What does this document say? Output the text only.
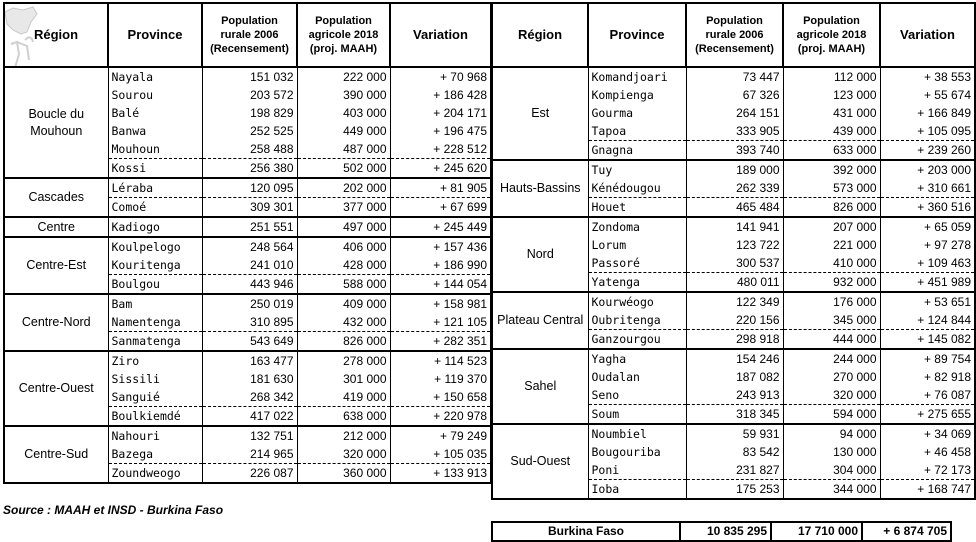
Région	Province	Population
rurale 2006
(Recensement)	Population
agricole 2018
(proj. MAAH)	Variation
Boucle du Mouhoun	Nayala	151 032	222 000	+ 70 968
	Sourou	203 572	390 000	+ 186 428
	Balé	198 829	403 000	+ 204 171
	Banwa	252 525	449 000	+ 196 475
	Mouhoun	258 488	487 000	+ 228 512
	Kossi	256 380	502 000	+ 245 620
Cascades	Léraba	120 095	202 000	+ 81 905
	Comoé	309 301	377 000	+ 67 699
Centre	Kadiogo	251 551	497 000	+ 245 449
Centre-Est	Koulpelogo	248 564	406 000	+ 157 436
	Kouritenga	241 010	428 000	+ 186 990
	Boulgou	443 946	588 000	+ 144 054
Centre-Nord	Bam	250 019	409 000	+ 158 981
	Namentenga	310 895	432 000	+ 121 105
	Sanmatenga	543 649	826 000	+ 282 351
Centre-Ouest	Ziro	163 477	278 000	+ 114 523
	Sissili	181 630	301 000	+ 119 370
	Sanguié	268 342	419 000	+ 150 658
	Boulkiemdé	417 022	638 000	+ 220 978
Centre-Sud	Nahouri	132 751	212 000	+ 79 249
	Bazega	214 965	320 000	+ 105 035
	Zoundweogo	226 087	360 000	+ 133 913
Région	Province	Population
rurale 2006
(Recensement)	Population
agricole 2018
(proj. MAAH)	Variation
Est	Komandjoari	73 447	112 000	+ 38 553
	Kompienga	67 326	123 000	+ 55 674
	Gourma	264 151	431 000	+ 166 849
	Tapoa	333 905	439 000	+ 105 095
	Gnagna	393 740	633 000	+ 239 260
Hauts-Bassins	Tuy	189 000	392 000	+ 203 000
	Kénédougou	262 339	573 000	+ 310 661
	Houet	465 484	826 000	+ 360 516
Nord	Zondoma	141 941	207 000	+ 65 059
	Lorum	123 722	221 000	+ 97 278
	Passoré	300 537	410 000	+ 109 463
	Yatenga	480 011	932 000	+ 451 989
Plateau Central	Kourwéogo	122 349	176 000	+ 53 651
	Oubritenga	220 156	345 000	+ 124 844
	Ganzourgou	298 918	444 000	+ 145 082
Sahel	Yagha	154 246	244 000	+ 89 754
	Oudalan	187 082	270 000	+ 82 918
	Seno	243 913	320 000	+ 76 087
	Soum	318 345	594 000	+ 275 655
Sud-Ouest	Noumbiel	59 931	94 000	+ 34 069
	Bougouriba	83 542	130 000	+ 46 458
	Poni	231 827	304 000	+ 72 173
	Ioba	175 253	344 000	+ 168 747
Source : MAAH et INSD - Burkina Faso
Burkina Faso	10 835 295	17 710 000	+ 6 874 705
